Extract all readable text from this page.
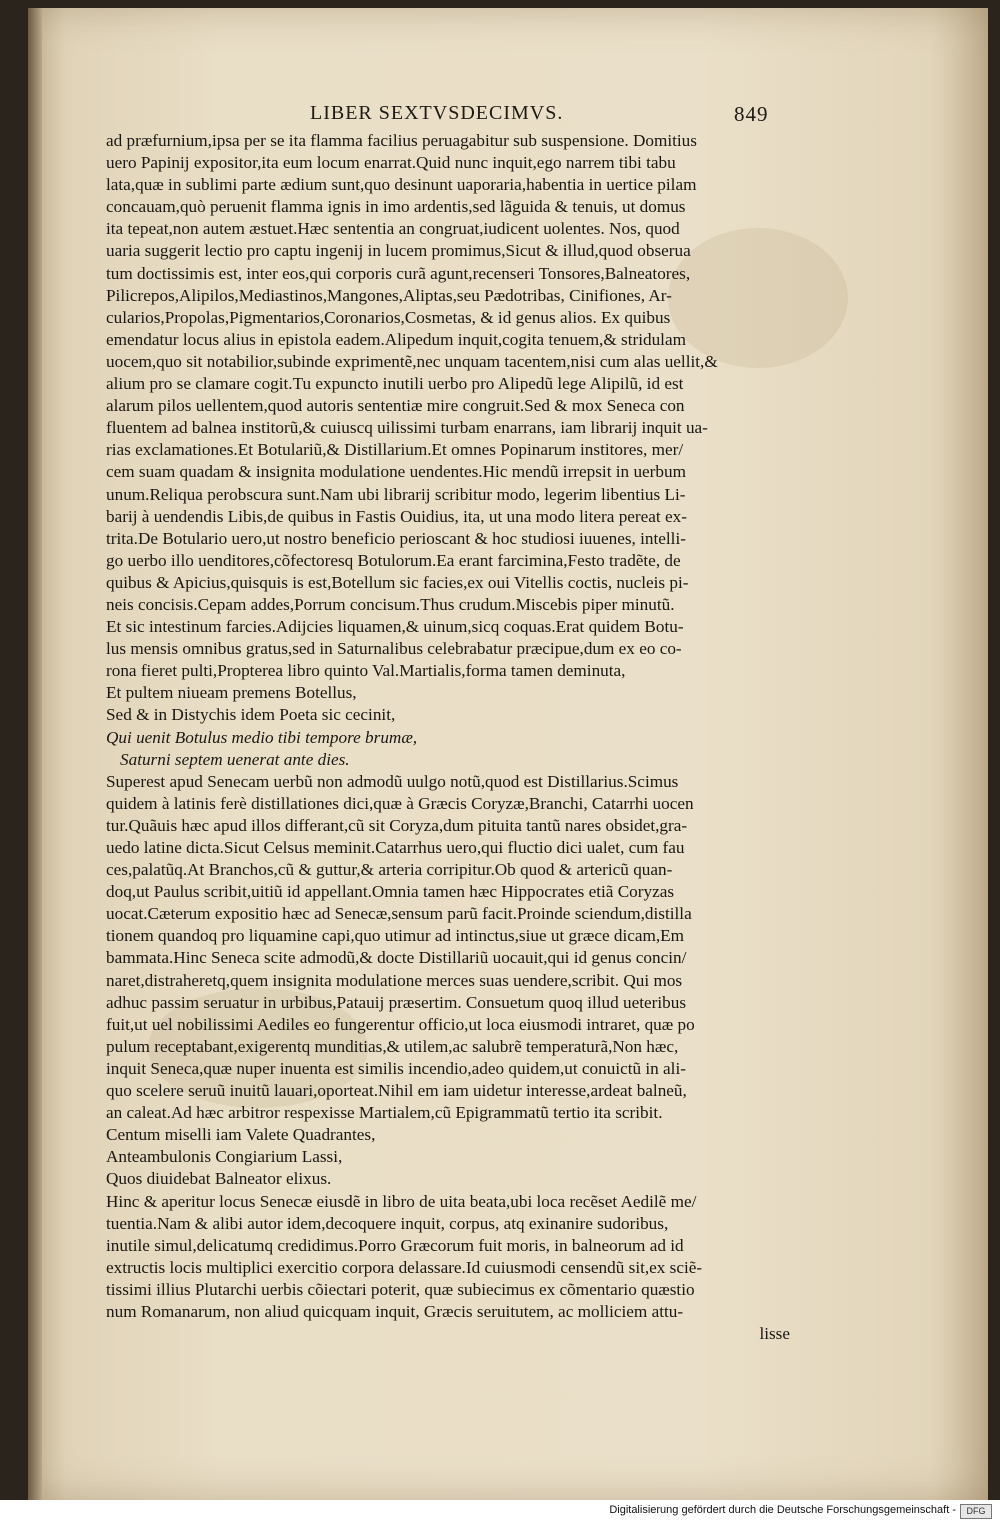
LIBER SEXTVSDECIMVS.	849
ad præfurnium,ipsa per se ita flamma facilius peruagabitur sub suspensione. Domitius
uero Papinij expositor,ita eum locum enarrat.Quid nunc inquit,ego narrem tibi tabu
lata,quæ in sublimi parte ædium sunt,quo desinunt uaporaria,habentia in uertice pilam
concauam,quò peruenit flamma ignis in imo ardentis,sed lãguida & tenuis, ut domus
ita tepeat,non autem æstuet.Hæc sententia an congruat,iudicent uolentes. Nos, quod
uaria suggerit lectio pro captu ingenij in lucem promimus,Sicut & illud,quod obserua
tum doctissimis est, inter eos,qui corporis curã agunt,recenseri Tonsores,Balneatores,
Pilicrepos,Alipilos,Mediastinos,Mangones,Aliptas,seu Pædotribas, Cinifiones, Ar-
cularios,Propolas,Pigmentarios,Coronarios,Cosmetas, & id genus alios. Ex quibus
emendatur locus alius in epistola eadem.Alipedum inquit,cogita tenuem,& stridulam
uocem,quo sit notabilior,subinde exprimentẽ,nec unquam tacentem,nisi cum alas uellit,&
alium pro se clamare cogit.Tu expuncto inutili uerbo pro Alipedũ lege Alipilũ, id est
alarum pilos uellentem,quod autoris sententiæ mire congruit.Sed & mox Seneca con
fluentem ad balnea institorũ,& cuiuscq uilissimi turbam enarrans, iam librarij inquit ua-
rias exclamationes.Et Botulariũ,& Distillarium.Et omnes Popinarum institores, mer/
cem suam quadam & insignita modulatione uendentes.Hic mendũ irrepsit in uerbum
unum.Reliqua perobscura sunt.Nam ubi librarij scribitur modo, legerim libentius Li-
barij à uendendis Libis,de quibus in Fastis Ouidius, ita, ut una modo litera pereat ex-
trita.De Botulario uero,ut nostro beneficio perioscant & hoc studiosi iuuenes, intelli-
go uerbo illo uenditores,cõfectoresq Botulorum.Ea erant farcimina,Festo tradẽte, de
quibus & Apicius,quisquis is est,Botellum sic facies,ex oui Vitellis coctis, nucleis pi-
neis concisis.Cepam addes,Porrum concisum.Thus crudum.Miscebis piper minutũ.
Et sic intestinum farcies.Adijcies liquamen,& uinum,sicq coquas.Erat quidem Botu-
lus mensis omnibus gratus,sed in Saturnalibus celebrabatur præcipue,dum ex eo co-
rona fieret pulti,Propterea libro quinto Val.Martialis,forma tamen deminuta,
Et pultem niueam premens Botellus,
Sed & in Distychis idem Poeta sic cecinit,
Qui uenit Botulus medio tibi tempore brumæ,
Saturni septem uenerat ante dies.
Superest apud Senecam uerbũ non admodũ uulgo notũ,quod est Distillarius.Scimus
quidem à latinis ferè distillationes dici,quæ à Græcis Coryzæ,Branchi, Catarrhi uocen
tur.Quãuis hæc apud illos differant,cũ sit Coryza,dum pituita tantũ nares obsidet,gra-
uedo latine dicta.Sicut Celsus meminit.Catarrhus uero,qui fluctio dici ualet, cum fau
ces,palatũq.At Branchos,cũ & guttur,& arteria corripitur.Ob quod & artericũ quan-
doq,ut Paulus scribit,uitiũ id appellant.Omnia tamen hæc Hippocrates etiã Coryzas
uocat.Cæterum expositio hæc ad Senecæ,sensum parũ facit.Proinde sciendum,distilla
tionem quandoq pro liquamine capi,quo utimur ad intinctus,siue ut græce dicam,Em
bammata.Hinc Seneca scite admodũ,& docte Distillariũ uocauit,qui id genus concin/
naret,distraheretq,quem insignita modulatione merces suas uendere,scribit. Qui mos
adhuc passim seruatur in urbibus,Patauij præsertim. Consuetum quoq illud ueteribus
fuit,ut uel nobilissimi Aediles eo fungerentur officio,ut loca eiusmodi intraret, quæ po
pulum receptabant,exigerentq munditias,& utilem,ac salubrẽ temperaturã,Non hæc,
inquit Seneca,quæ nuper inuenta est similis incendio,adeo quidem,ut conuictũ in ali-
quo scelere seruũ inuitũ lauari,oporteat.Nihil em iam uidetur interesse,ardeat balneũ,
an caleat.Ad hæc arbitror respexisse Martialem,cũ Epigrammatũ tertio ita scribit.
Centum miselli iam Valete Quadrantes,
Anteambulonis Congiarium Lassi,
Quos diuidebat Balneator elixus.
Hinc & aperitur locus Senecæ eiusdẽ in libro de uita beata,ubi loca recẽset Aedilẽ me/
tuentia.Nam & alibi autor idem,decoquere inquit, corpus, atq exinanire sudoribus,
inutile simul,delicatumq credidimus.Porro Græcorum fuit moris, in balneorum ad id
extructis locis multiplici exercitio corpora delassare.Id cuiusmodi censendũ sit,ex sciẽ-
tissimi illius Plutarchi uerbis cõiectari poterit, quæ subiecimus ex cõmentario quæstio
num Romanarum, non aliud quicquam inquit, Græcis seruitutem, ac molliciem attu-
lisse
Digitalisierung gefördert durch die Deutsche Forschungsgemeinschaft -	DFG
